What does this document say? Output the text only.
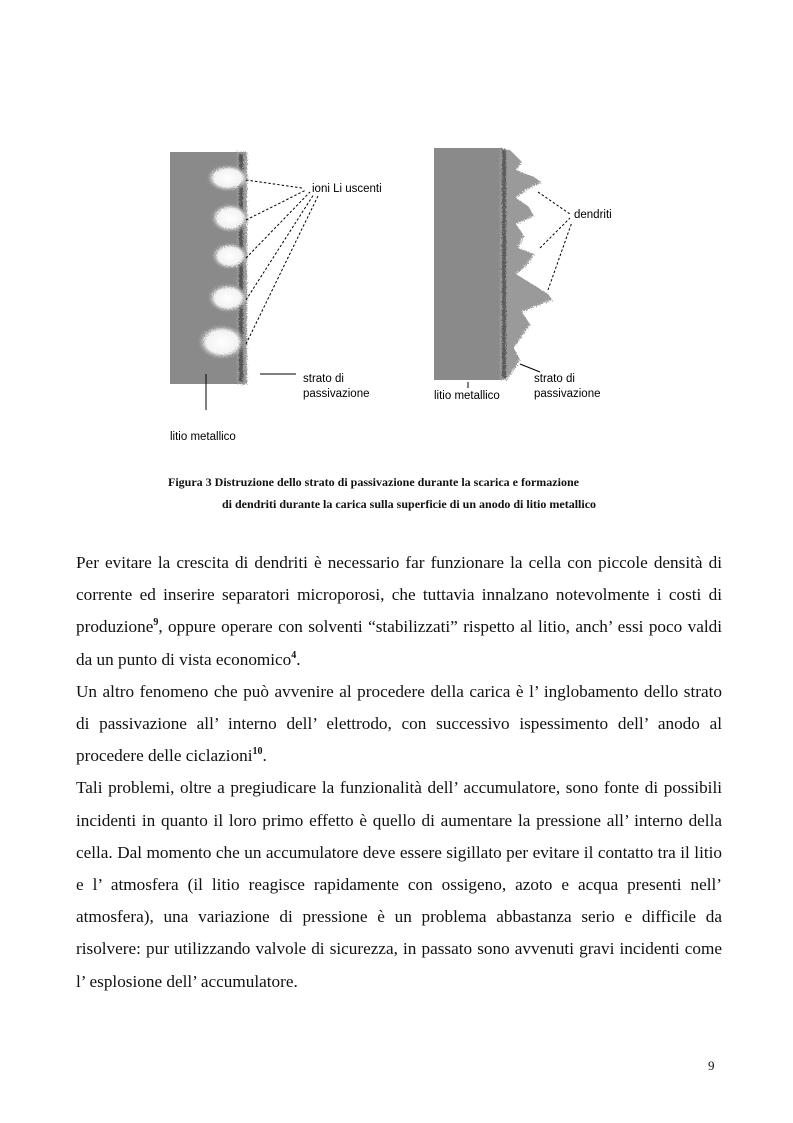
ioni Li uscenti
strato di
passivazione
litio metallico
dendriti
strato di
passivazione
litio metallico
Figura 3 Distruzione dello strato di passivazione durante la scarica e formazione
di dendriti durante la carica sulla superficie di un anodo di litio metallico

Per evitare la crescita di dendriti è necessario far funzionare la cella con piccole densità di corrente ed inserire separatori microporosi, che tuttavia innalzano notevolmente i costi di produzione$^9$, oppure operare con solventi “stabilizzati” rispetto al litio, anch’ essi poco valdi da un punto di vista economico$^4$.

Un altro fenomeno che può avvenire al procedere della carica è l’ inglobamento dello strato di passivazione all’ interno dell’ elettrodo, con successivo ispessimento dell’ anodo al procedere delle ciclazioni$^{10}$.

Tali problemi, oltre a pregiudicare la funzionalità dell’ accumulatore, sono fonte di possibili incidenti in quanto il loro primo effetto è quello di aumentare la pressione all’ interno della cella. Dal momento che un accumulatore deve essere sigillato per evitare il contatto tra il litio e l’ atmosfera (il litio reagisce rapidamente con ossigeno, azoto e acqua presenti nell’ atmosfera), una variazione di pressione è un problema abbastanza serio e difficile da risolvere: pur utilizzando valvole di sicurezza, in passato sono avvenuti gravi incidenti come l’ esplosione dell’ accumulatore.

9
